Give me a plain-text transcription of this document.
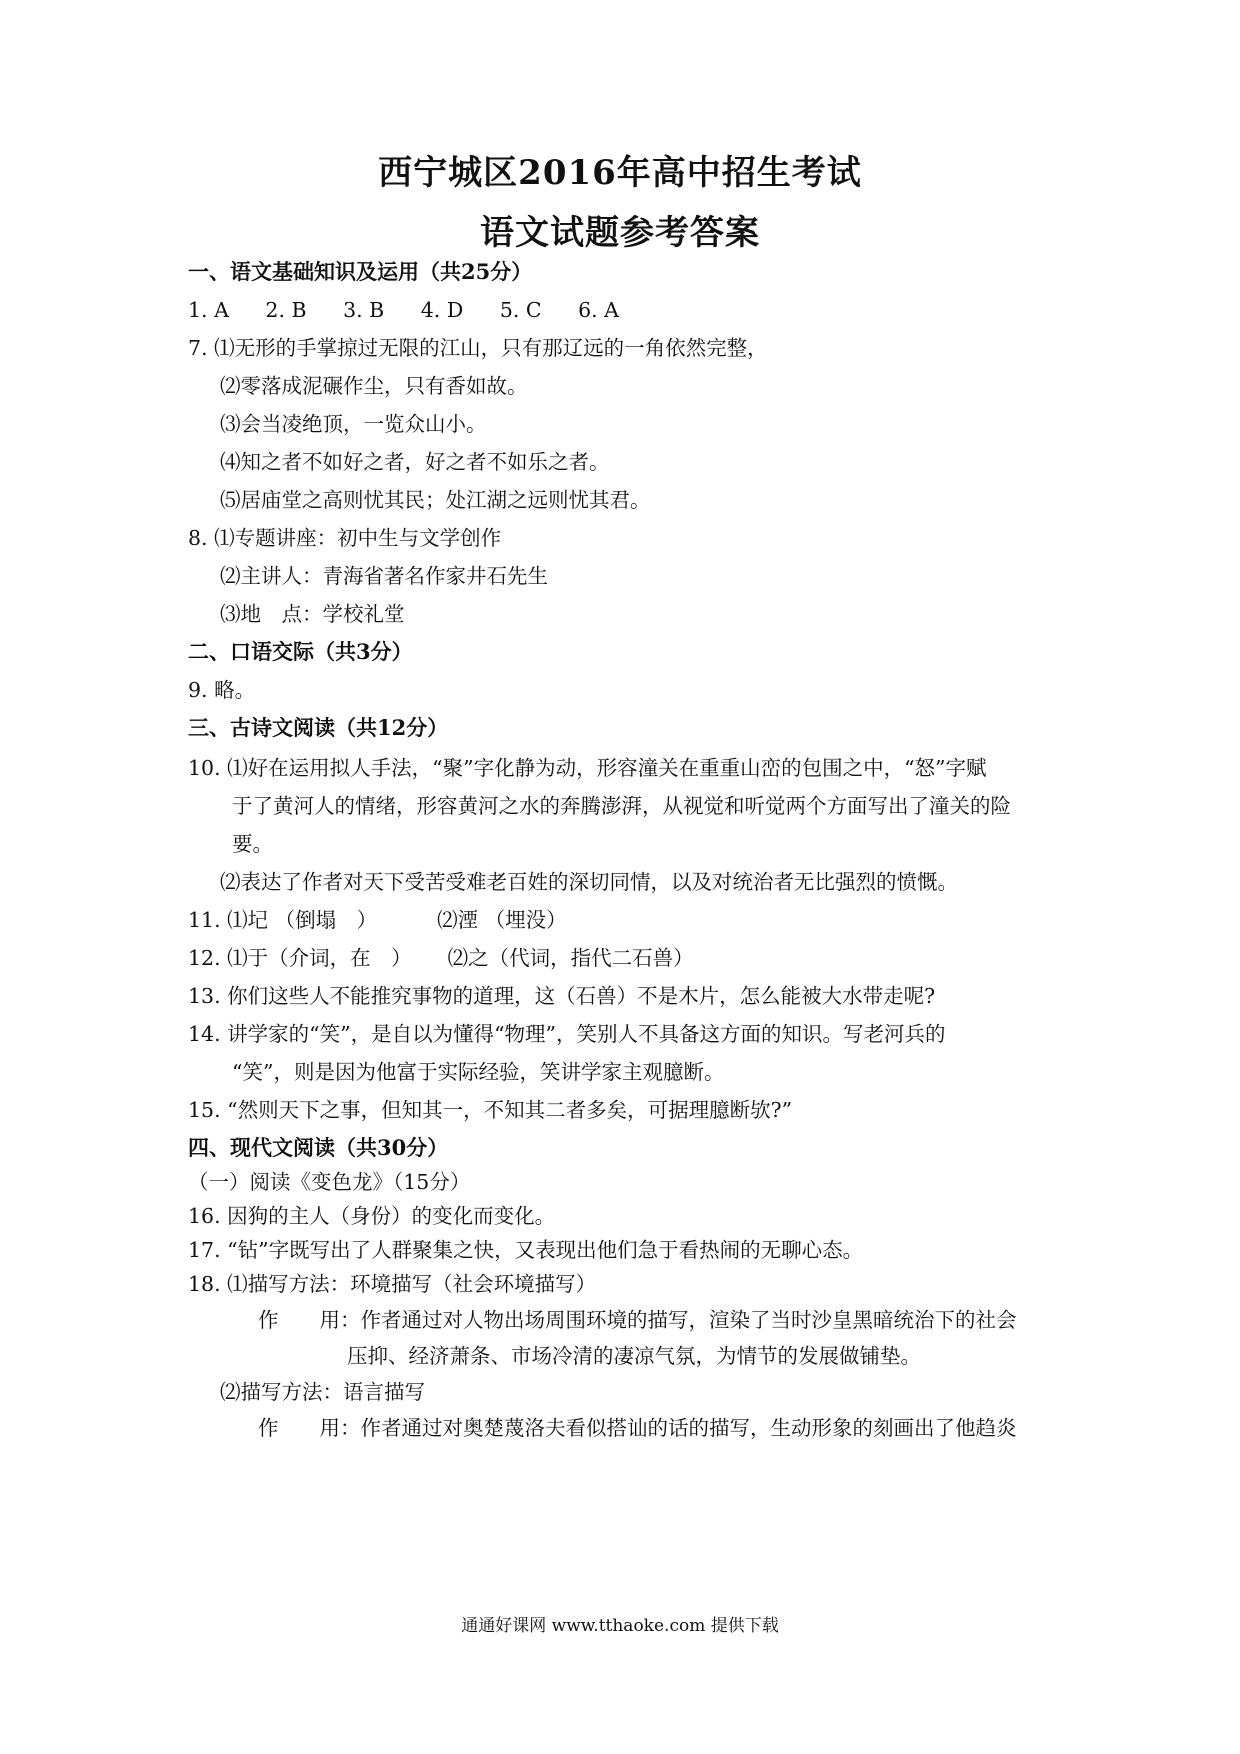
西宁城区2016年高中招生考试
语文试题参考答案
一、语文基础知识及运用（共25分）
1. A 2. B 3. B 4. D 5. C 6. A
7. ⑴无形的手掌掠过无限的江山，只有那辽远的一角依然完整，
⑵零落成泥碾作尘，只有香如故。
⑶会当凌绝顶，一览众山小。
⑷知之者不如好之者，好之者不如乐之者。
⑸居庙堂之高则忧其民；处江湖之远则忧其君。
8. ⑴专题讲座：初中生与文学创作
⑵主讲人：青海省著名作家井石先生
⑶地　点：学校礼堂
二、口语交际（共3分）
9. 略。
三、古诗文阅读（共12分）
10. ⑴好在运用拟人手法，“聚”字化静为动，形容潼关在重重山峦的包围之中，“怒”字赋
于了黄河人的情绪，形容黄河之水的奔腾澎湃，从视觉和听觉两个方面写出了潼关的险
要。
⑵表达了作者对天下受苦受难老百姓的深切同情，以及对统治者无比强烈的愤慨。
11. ⑴圮 （倒塌　）	⑵湮 （埋没）
12. ⑴于（介词，在　） ⑵之（代词，指代二石兽）
13. 你们这些人不能推究事物的道理，这（石兽）不是木片，怎么能被大水带走呢?
14. 讲学家的“笑”，是自以为懂得“物理”，笑别人不具备这方面的知识。写老河兵的
“笑”，则是因为他富于实际经验，笑讲学家主观臆断。
15. “然则天下之事，但知其一，不知其二者多矣，可据理臆断欤?”
四、现代文阅读（共30分）
（一）阅读《变色龙》（15分）
16. 因狗的主人（身份）的变化而变化。
17. “钻”字既写出了人群聚集之快，又表现出他们急于看热闹的无聊心态。
18. ⑴描写方法：环境描写（社会环境描写）
作　　用：作者通过对人物出场周围环境的描写，渲染了当时沙皇黑暗统治下的社会
压抑、经济萧条、市场冷清的凄凉气氛，为情节的发展做铺垫。
⑵描写方法：语言描写
作　　用：作者通过对奥楚蔑洛夫看似搭讪的话的描写，生动形象的刻画出了他趋炎
通通好课网 www.tthaoke.com 提供下载
